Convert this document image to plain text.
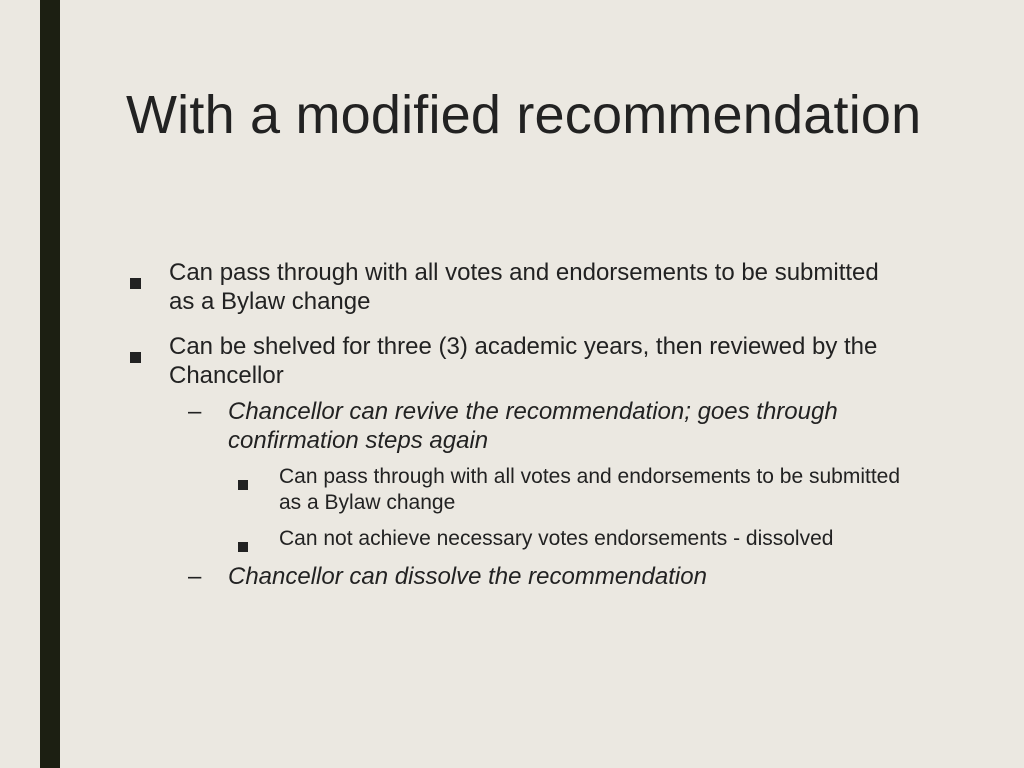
With a modified recommendation
Can pass through with all votes and endorsements to be submitted as a Bylaw change
Can be shelved for three (3) academic years, then reviewed by the Chancellor
– Chancellor can revive the recommendation; goes through confirmation steps again
Can pass through with all votes and endorsements to be submitted as a Bylaw change
Can not achieve necessary votes endorsements - dissolved
– Chancellor can dissolve the recommendation
